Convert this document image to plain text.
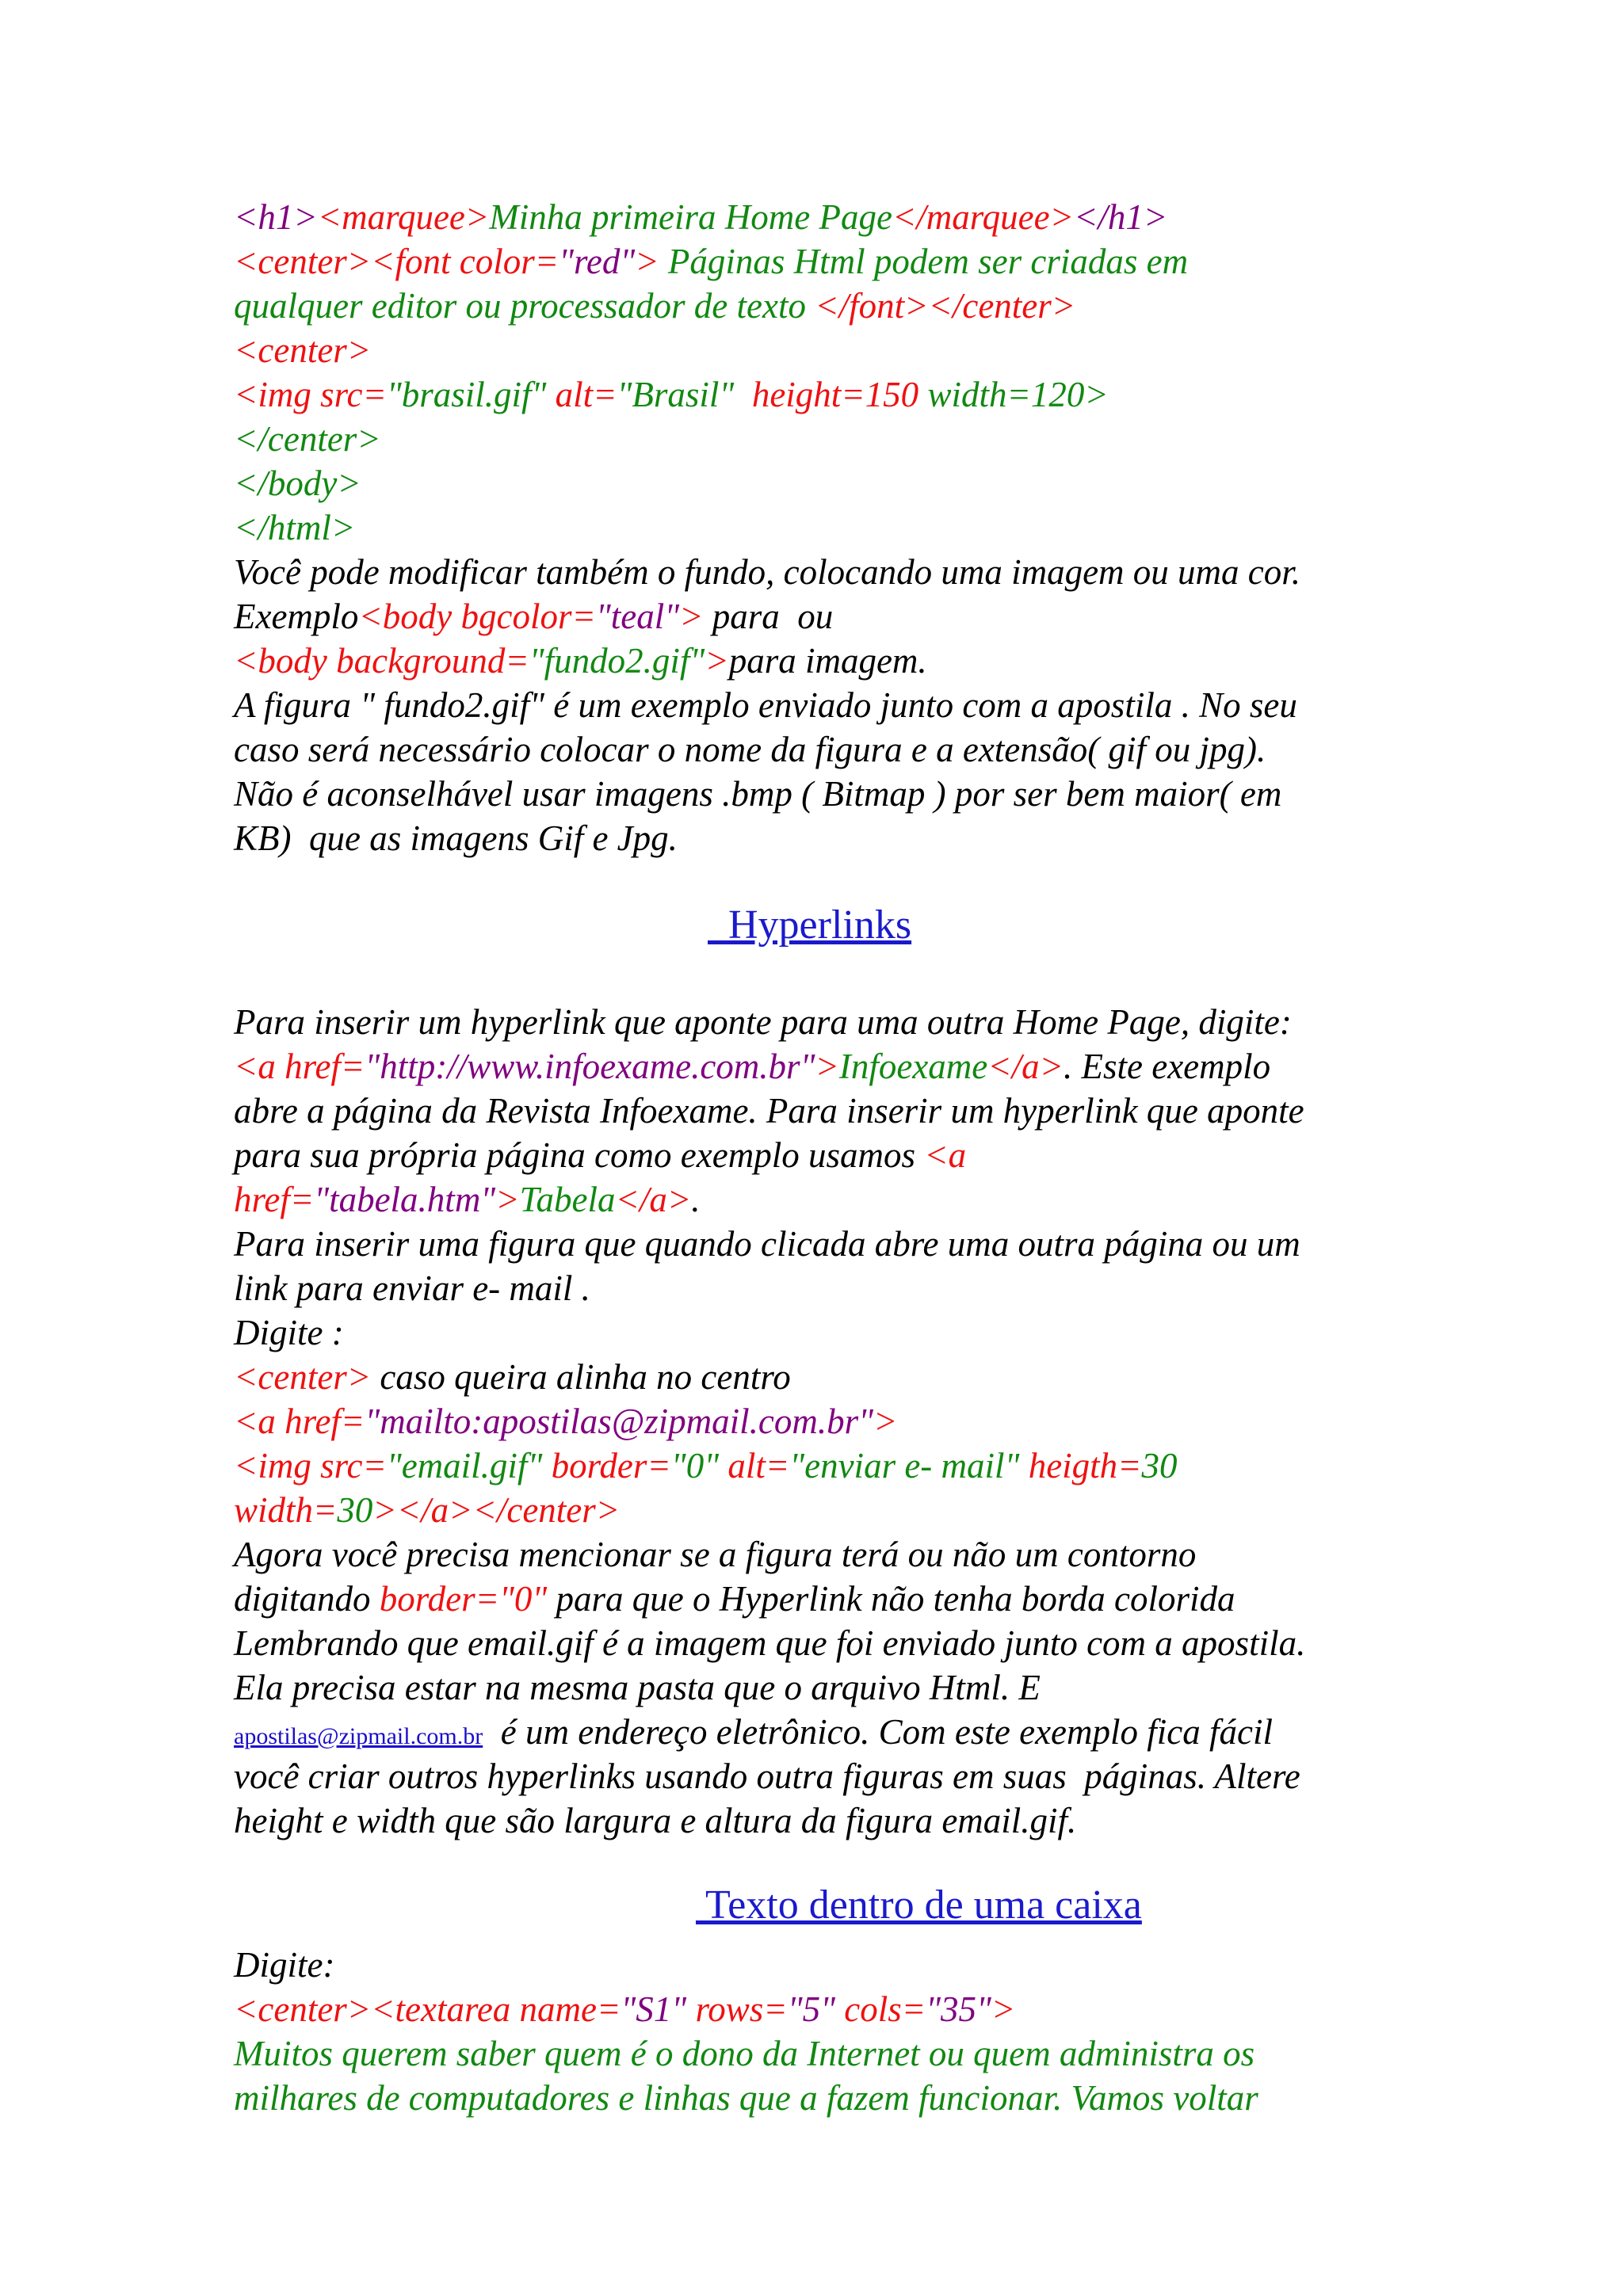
<h1><marquee>Minha primeira Home Page</marquee></h1>
<center><font color="red"> Páginas Html podem ser criadas em
qualquer editor ou processador de texto </font></center>
<center>
<img src="brasil.gif" alt="Brasil"  height=150 width=120>
</center>
</body>
</html>
Você pode modificar também o fundo, colocando uma imagem ou uma cor.
Exemplo<body bgcolor="teal"> para  ou
<body background="fundo2.gif">para imagem.
A figura " fundo2.gif" é um exemplo enviado junto com a apostila . No seu
caso será necessário colocar o nome da figura e a extensão( gif ou jpg).
Não é aconselhável usar imagens .bmp ( Bitmap ) por ser bem maior( em
KB)  que as imagens Gif e Jpg.
Para inserir um hyperlink que aponte para uma outra Home Page, digite:
<a href="http://www.infoexame.com.br">Infoexame</a>. Este exemplo
abre a página da Revista Infoexame. Para inserir um hyperlink que aponte
para sua própria página como exemplo usamos <a
href="tabela.htm">Tabela</a>.
Para inserir uma figura que quando clicada abre uma outra página ou um
link para enviar e- mail .
Digite :
<center> caso queira alinha no centro
<a href="mailto:apostilas@zipmail.com.br">
<img src="email.gif" border="0" alt="enviar e- mail" heigth=30
width=30></a></center>
Agora você precisa mencionar se a figura terá ou não um contorno
digitando border="0" para que o Hyperlink não tenha borda colorida
Lembrando que email.gif é a imagem que foi enviado junto com a apostila.
Ela precisa estar na mesma pasta que o arquivo Html. E
apostilas@zipmail.com.br  é um endereço eletrônico. Com este exemplo fica fácil
você criar outros hyperlinks usando outra figuras em suas  páginas. Altere
height e width que são largura e altura da figura email.gif.
Digite:
<center><textarea name="S1" rows="5" cols="35">
Muitos querem saber quem é o dono da Internet ou quem administra os
milhares de computadores e linhas que a fazem funcionar. Vamos voltar
Hyperlinks
Texto dentro de uma caixa
